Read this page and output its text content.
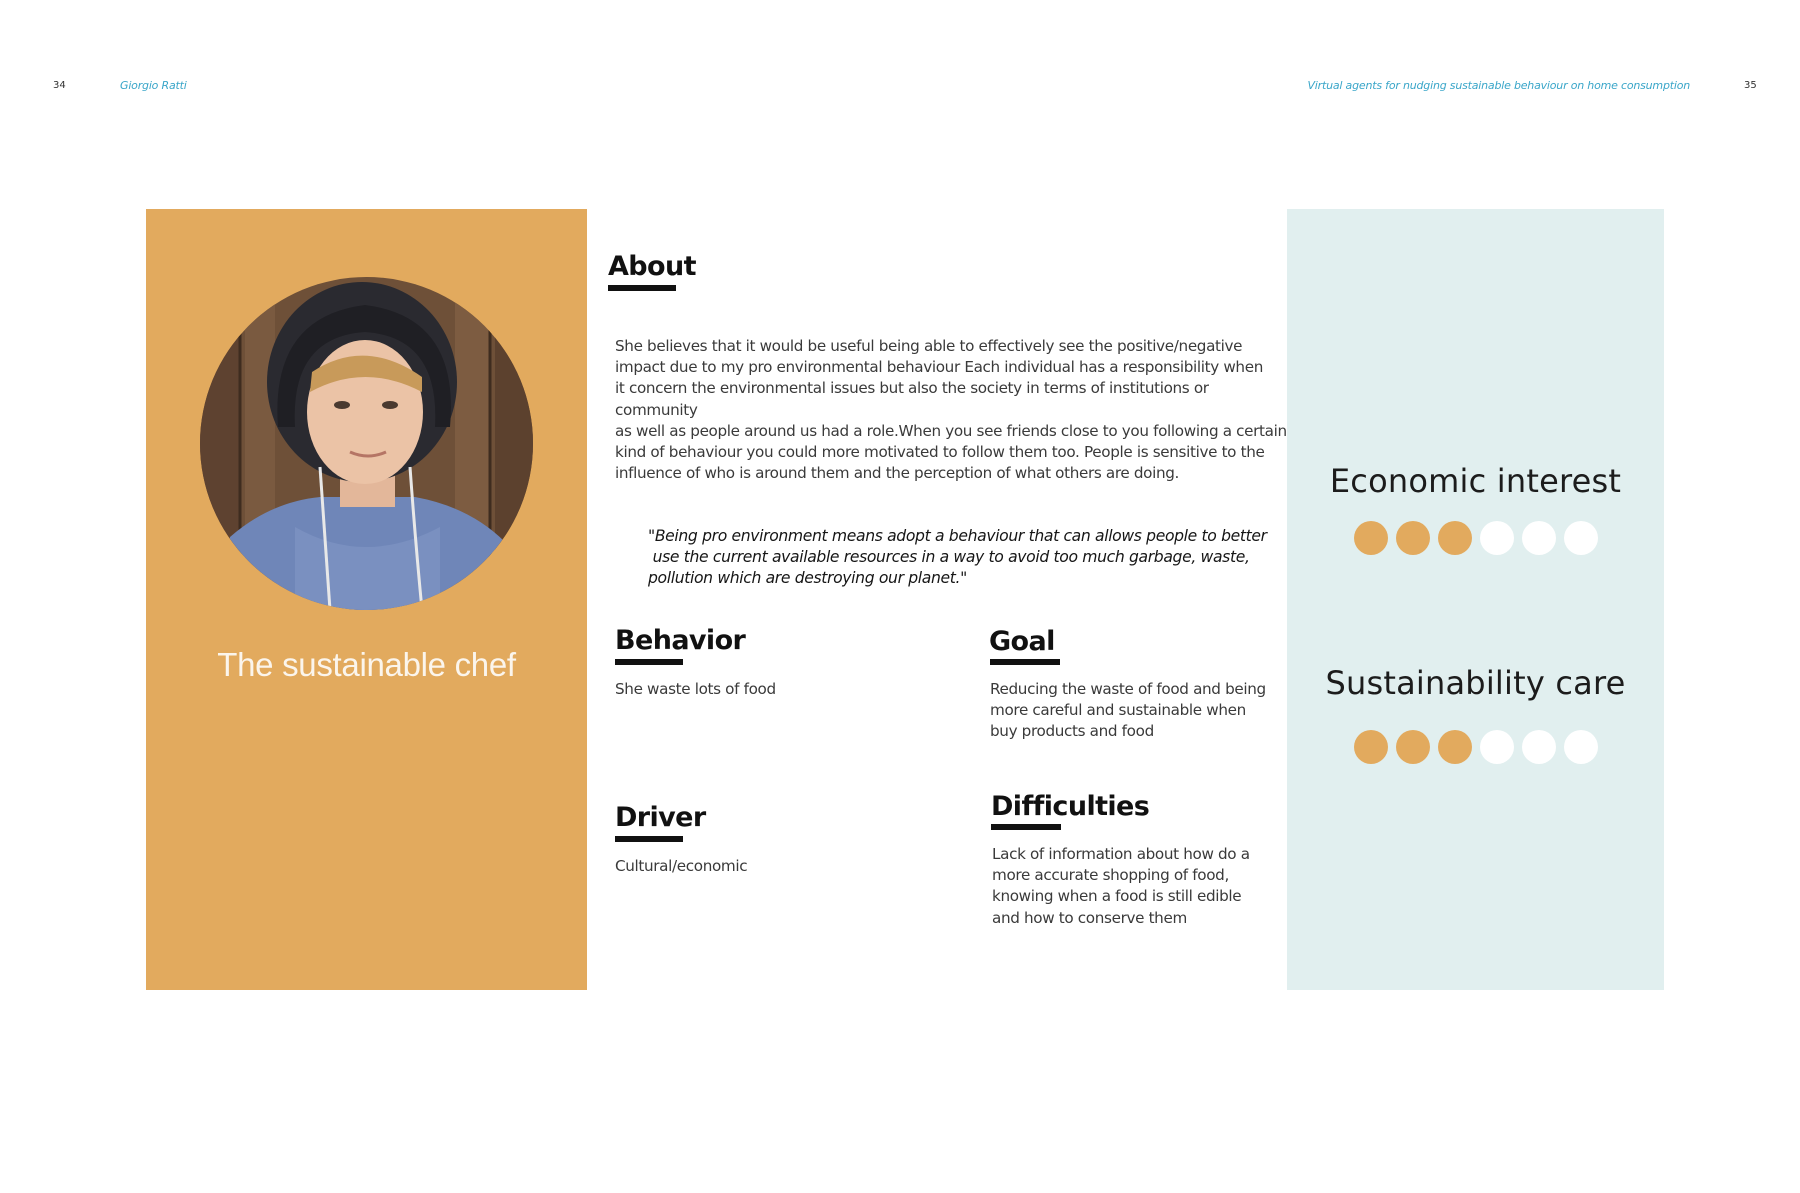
34	Giorgio Ratti	Virtual agents for nudging sustainable behaviour on home consumption	35
The sustainable chef
About
She believes that it would be useful being able to effectively see the positive/negative
impact due to my pro environmental behaviour Each individual has a responsibility when
it concern the environmental issues but also the society in terms of institutions or community
as well as people around us had a role.When you see friends close to you following a certain
kind of behaviour you could more motivated to follow them too. People is sensitive to the
influence of who is around them and the perception of what others are doing.
"Being pro environment means adopt a behaviour that can allows people to better
use the current available resources in a way to avoid too much garbage, waste,
pollution which are destroying our planet."
Behavior
She waste lots of food
Goal
Reducing the waste of food and being
more careful and sustainable when
buy products and food
Driver
Cultural/economic
Difficulties
Lack of information about how do a
more accurate shopping of food,
knowing when a food is still edible
and how to conserve them
Economic interest
Sustainability care
